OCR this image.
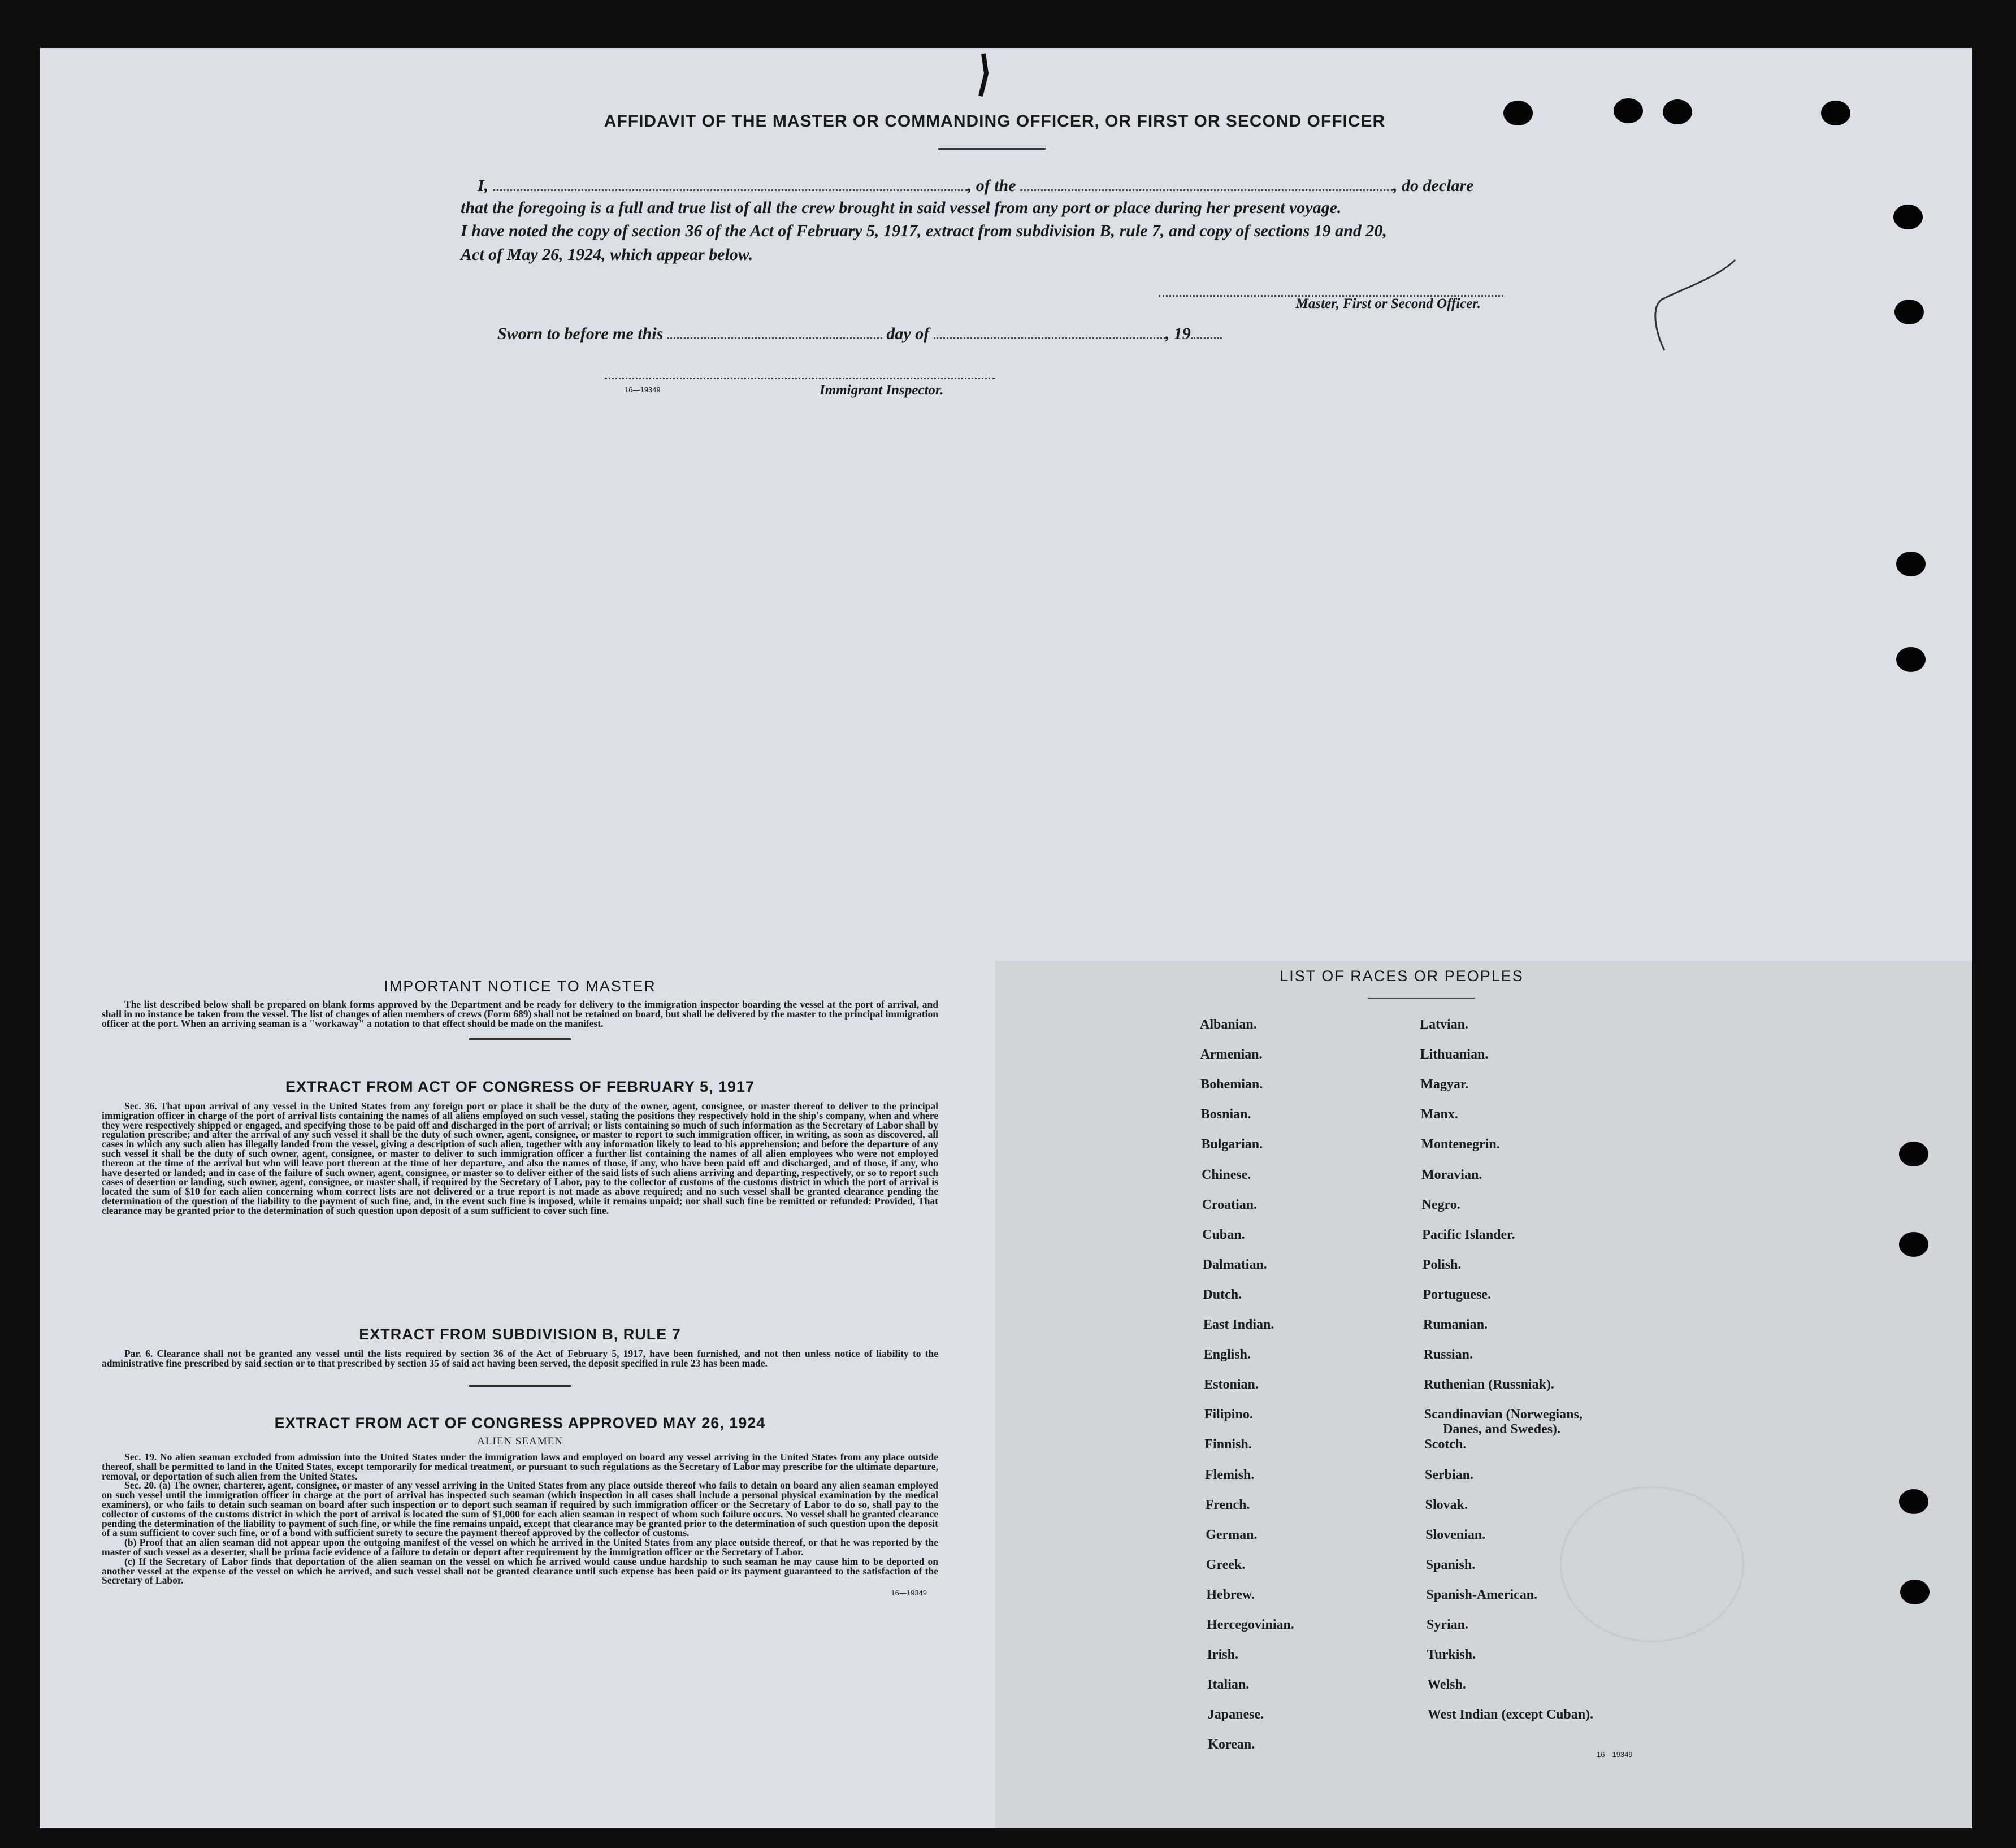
AFFIDAVIT OF THE MASTER OR COMMANDING OFFICER, OR FIRST OR SECOND OFFICER
I,	, of the	, do declare
that the foregoing is a full and true list of all the crew brought in said vessel from any port or place during her present voyage.
I have noted the copy of section 36 of the Act of February 5, 1917, extract from subdivision B, rule 7, and copy of sections 19 and 20,
Act of May 26, 1924, which appear below.
Master, First or Second Officer.
Sworn to before me this	day of	, 19
16—19349	Immigrant Inspector.
IMPORTANT NOTICE TO MASTER

The list described below shall be prepared on blank forms approved by the Department and be ready for delivery to the immigration inspector boarding the vessel at the port of arrival, and shall in no instance be taken from the vessel. The list of changes of alien members of crews (Form 689) shall not be retained on board, but shall be delivered by the master to the principal immigration officer at the port. When an arriving seaman is a "workaway" a notation to that effect should be made on the manifest.

EXTRACT FROM ACT OF CONGRESS OF FEBRUARY 5, 1917

Sec. 36. That upon arrival of any vessel in the United States from any foreign port or place it shall be the duty of the owner, agent, consignee, or master thereof to deliver to the principal immigration officer in charge of the port of arrival lists containing the names of all aliens employed on such vessel, stating the positions they respectively hold in the ship's company, when and where they were respectively shipped or engaged, and specifying those to be paid off and discharged in the port of arrival; or lists containing so much of such information as the Secretary of Labor shall by regulation prescribe; and after the arrival of any such vessel it shall be the duty of such owner, agent, consignee, or master to report to such immigration officer, in writing, as soon as discovered, all cases in which any such alien has illegally landed from the vessel, giving a description of such alien, together with any information likely to lead to his apprehension; and before the departure of any such vessel it shall be the duty of such owner, agent, consignee, or master to deliver to such immigration officer a further list containing the names of all alien employees who were not employed thereon at the time of the arrival but who will leave port thereon at the time of her departure, and also the names of those, if any, who have been paid off and discharged, and of those, if any, who have deserted or landed; and in case of the failure of such owner, agent, consignee, or master so to deliver either of the said lists of such aliens arriving and departing, respectively, or so to report such cases of desertion or landing, such owner, agent, consignee, or master shall, if required by the Secretary of Labor, pay to the collector of customs of the customs district in which the port of arrival is located the sum of $10 for each alien concerning whom correct lists are not delivered or a true report is not made as above required; and no such vessel shall be granted clearance pending the determination of the question of the liability to the payment of such fine, and, in the event such fine is imposed, while it remains unpaid; nor shall such fine be remitted or refunded: Provided, That clearance may be granted prior to the determination of such question upon deposit of a sum sufficient to cover such fine.

EXTRACT FROM SUBDIVISION B, RULE 7

Par. 6. Clearance shall not be granted any vessel until the lists required by section 36 of the Act of February 5, 1917, have been furnished, and not then unless notice of liability to the administrative fine prescribed by said section or to that prescribed by section 35 of said act having been served, the deposit specified in rule 23 has been made.

EXTRACT FROM ACT OF CONGRESS APPROVED MAY 26, 1924
ALIEN SEAMEN

Sec. 19. No alien seaman excluded from admission into the United States under the immigration laws and employed on board any vessel arriving in the United States from any place outside thereof, shall be permitted to land in the United States, except temporarily for medical treatment, or pursuant to such regulations as the Secretary of Labor may prescribe for the ultimate departure, removal, or deportation of such alien from the United States.

Sec. 20. (a) The owner, charterer, agent, consignee, or master of any vessel arriving in the United States from any place outside thereof who fails to detain on board any alien seaman employed on such vessel until the immigration officer in charge at the port of arrival has inspected such seaman (which inspection in all cases shall include a personal physical examination by the medical examiners), or who fails to detain such seaman on board after such inspection or to deport such seaman if required by such immigration officer or the Secretary of Labor to do so, shall pay to the collector of customs of the customs district in which the port of arrival is located the sum of $1,000 for each alien seaman in respect of whom such failure occurs. No vessel shall be granted clearance pending the determination of the liability to payment of such fine, or while the fine remains unpaid, except that clearance may be granted prior to the determination of such question upon the deposit of a sum sufficient to cover such fine, or of a bond with sufficient surety to secure the payment thereof approved by the collector of customs.

(b) Proof that an alien seaman did not appear upon the outgoing manifest of the vessel on which he arrived in the United States from any place outside thereof, or that he was reported by the master of such vessel as a deserter, shall be prima facie evidence of a failure to detain or deport after requirement by the immigration officer or the Secretary of Labor.

(c) If the Secretary of Labor finds that deportation of the alien seaman on the vessel on which he arrived would cause undue hardship to such seaman he may cause him to be deported on another vessel at the expense of the vessel on which he arrived, and such vessel shall not be granted clearance until such expense has been paid or its payment guaranteed to the satisfaction of the Secretary of Labor.

16—19349
LIST OF RACES OR PEOPLES
Albanian.
Armenian.
Bohemian.
Bosnian.
Bulgarian.
Chinese.
Croatian.
Cuban.
Dalmatian.
Dutch.
East Indian.
English.
Estonian.
Filipino.
Finnish.
Flemish.
French.
German.
Greek.
Hebrew.
Hercegovinian.
Irish.
Italian.
Japanese.
Korean.
Latvian.
Lithuanian.
Magyar.
Manx.
Montenegrin.
Moravian.
Negro.
Pacific Islander.
Polish.
Portuguese.
Rumanian.
Russian.
Ruthenian (Russniak).
Scandinavian (Norwegians,
Danes, and Swedes).
Scotch.
Serbian.
Slovak.
Slovenian.
Spanish.
Spanish-American.
Syrian.
Turkish.
Welsh.
West Indian (except Cuban).
16—19349
